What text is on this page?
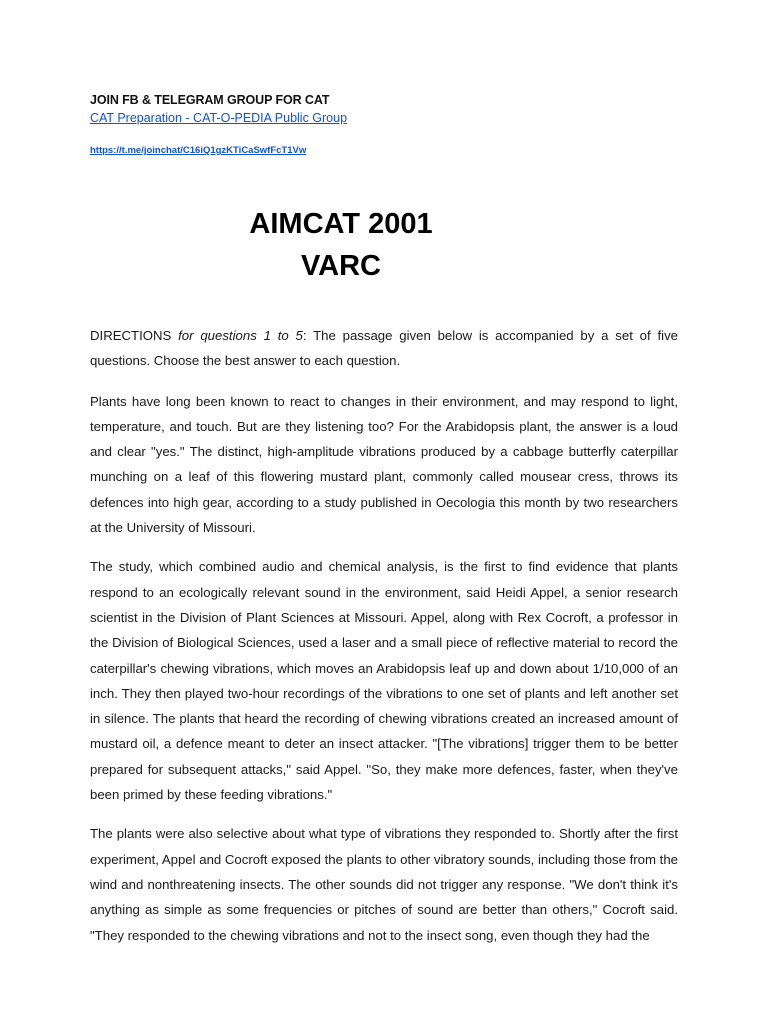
JOIN FB & TELEGRAM GROUP FOR CAT

CAT Preparation - CAT-O-PEDIA Public Group
https://t.me/joinchat/C16iQ1gzKTiCaSwfFcT1Vw
AIMCAT 2001
VARC

DIRECTIONS for questions 1 to 5: The passage given below is accompanied by a set of five questions. Choose the best answer to each question.

Plants have long been known to react to changes in their environment, and may respond to light, temperature, and touch. But are they listening too? For the Arabidopsis plant, the answer is a loud and clear "yes." The distinct, high-amplitude vibrations produced by a cabbage butterfly caterpillar munching on a leaf of this flowering mustard plant, commonly called mousear cress, throws its defences into high gear, according to a study published in Oecologia this month by two researchers at the University of Missouri.

The study, which combined audio and chemical analysis, is the first to find evidence that plants respond to an ecologically relevant sound in the environment, said Heidi Appel, a senior research scientist in the Division of Plant Sciences at Missouri. Appel, along with Rex Cocroft, a professor in the Division of Biological Sciences, used a laser and a small piece of reflective material to record the caterpillar's chewing vibrations, which moves an Arabidopsis leaf up and down about 1/10,000 of an inch. They then played two-hour recordings of the vibrations to one set of plants and left another set in silence. The plants that heard the recording of chewing vibrations created an increased amount of mustard oil, a defence meant to deter an insect attacker. "[The vibrations] trigger them to be better prepared for subsequent attacks," said Appel. "So, they make more defences, faster, when they've been primed by these feeding vibrations."

The plants were also selective about what type of vibrations they responded to. Shortly after the first experiment, Appel and Cocroft exposed the plants to other vibratory sounds, including those from the wind and nonthreatening insects. The other sounds did not trigger any response. "We don't think it's anything as simple as some frequencies or pitches of sound are better than others," Cocroft said. "They responded to the chewing vibrations and not to the insect song, even though they had the
